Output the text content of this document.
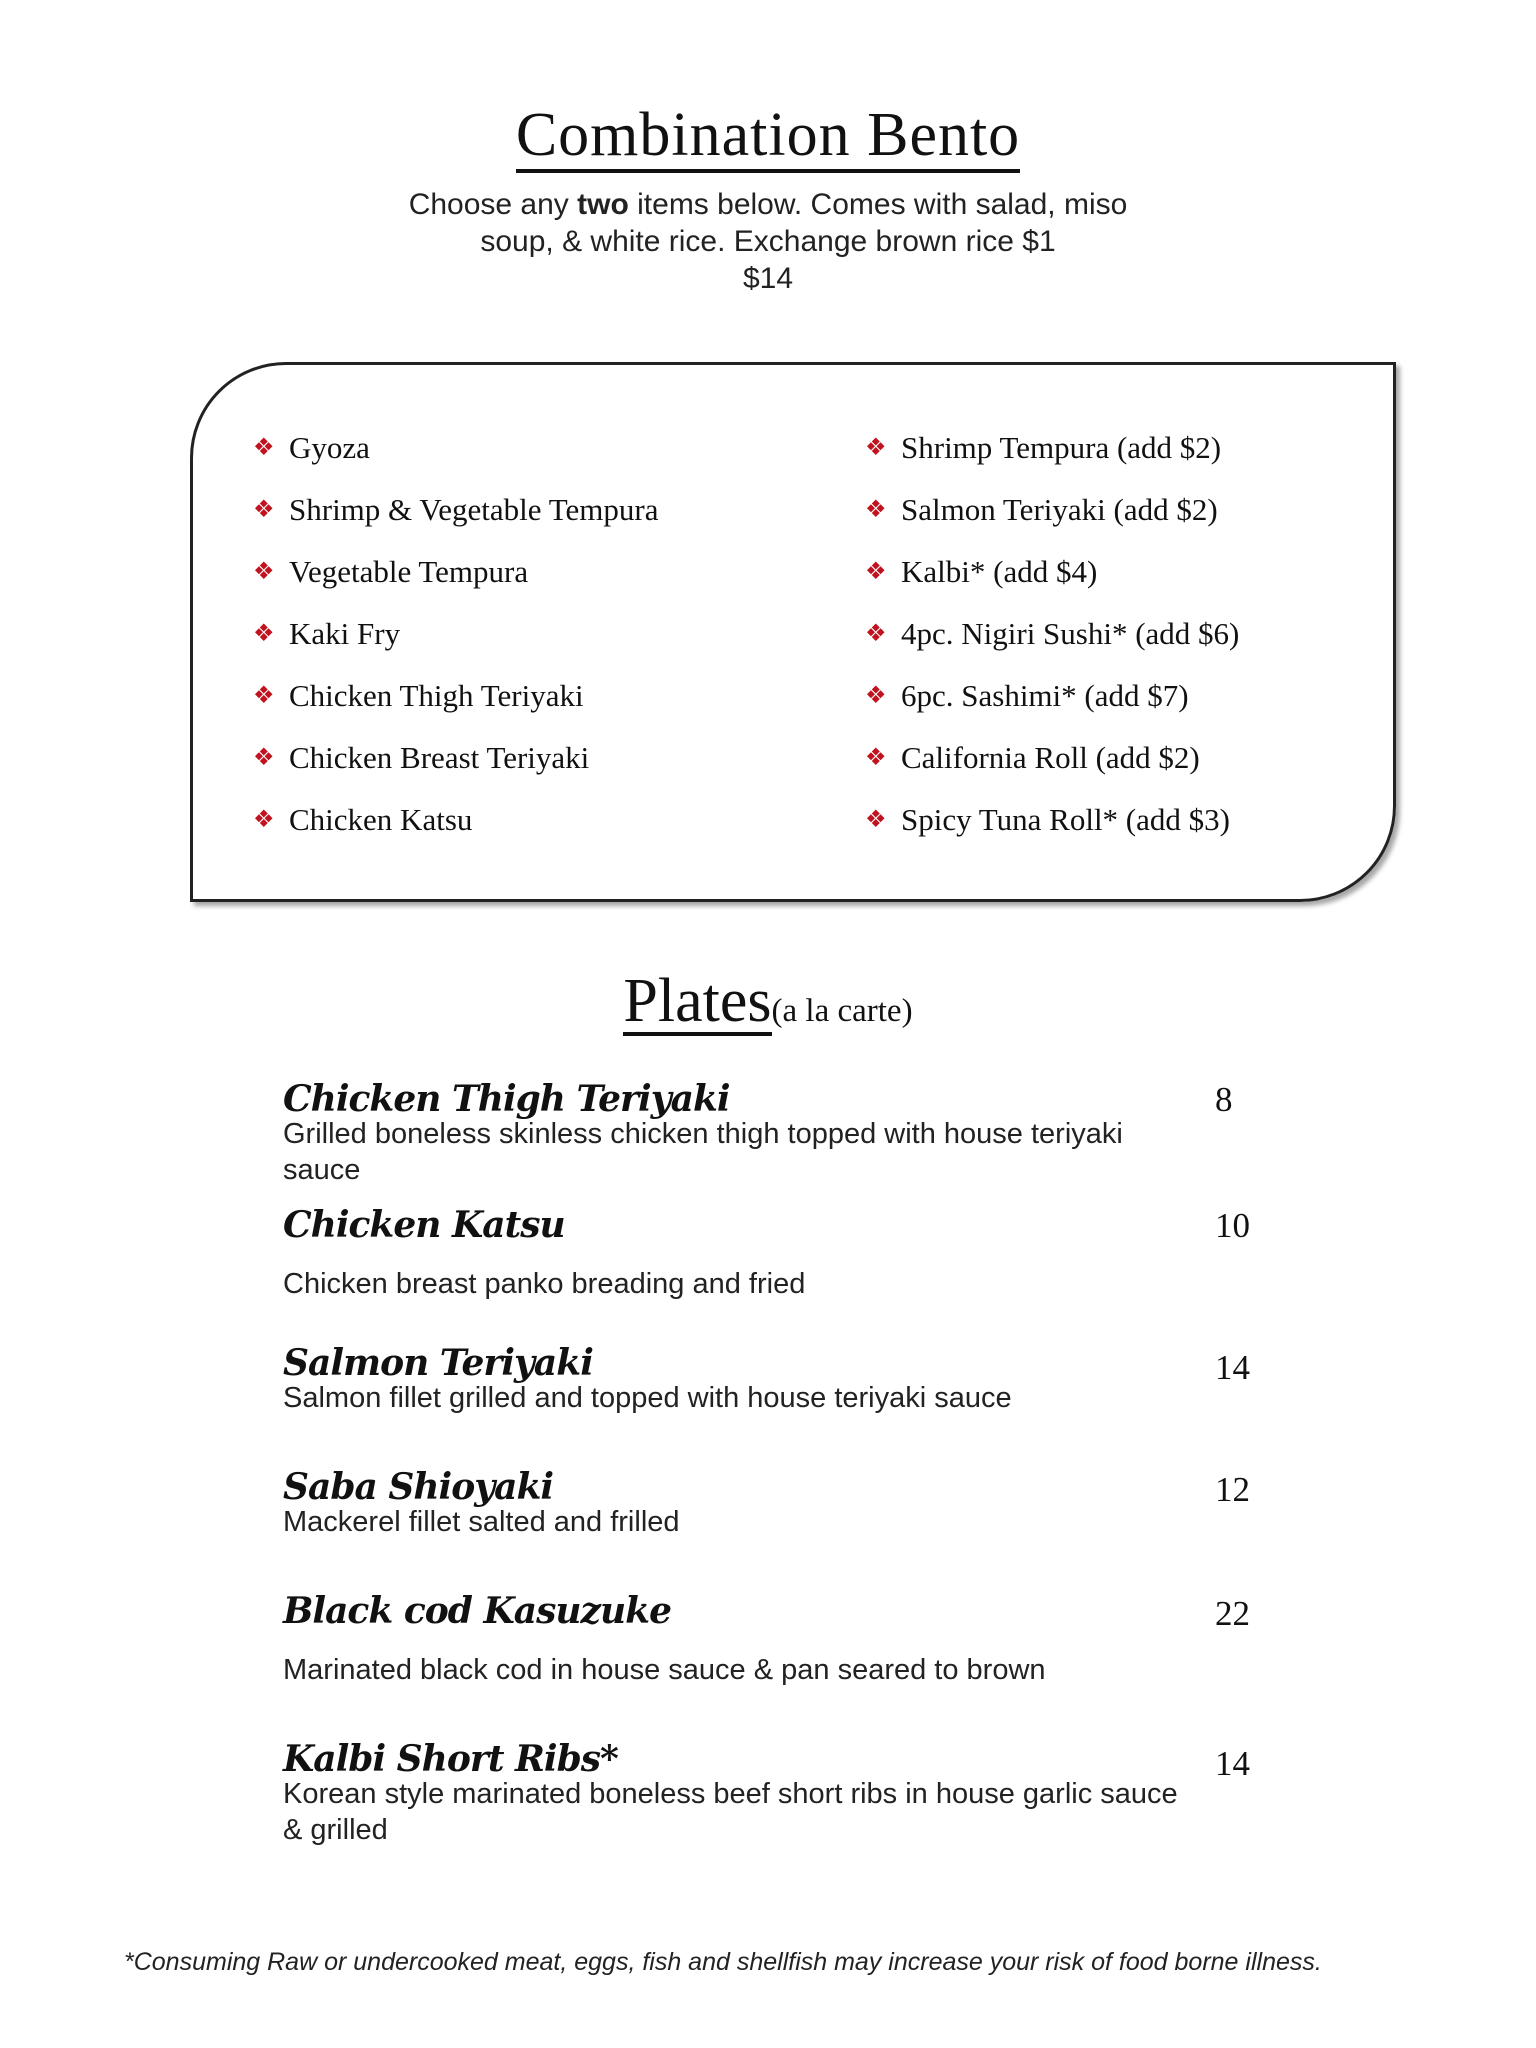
Combination Bento
Choose any two items below. Comes with salad, miso soup, & white rice. Exchange brown rice $1
$14
❖ Gyoza
❖ Shrimp & Vegetable Tempura
❖ Vegetable Tempura
❖ Kaki Fry
❖ Chicken Thigh Teriyaki
❖ Chicken Breast Teriyaki
❖ Chicken Katsu
❖ Shrimp Tempura (add $2)
❖ Salmon Teriyaki (add $2)
❖ Kalbi* (add $4)
❖ 4pc. Nigiri Sushi* (add $6)
❖ 6pc. Sashimi* (add $7)
❖ California Roll (add $2)
❖ Spicy Tuna Roll* (add $3)
Plates(a la carte)
Chicken Thigh Teriyaki	8
Grilled boneless skinless chicken thigh topped with house teriyaki sauce
Chicken Katsu	10
Chicken breast panko breading and fried
Salmon Teriyaki	14
Salmon fillet grilled and topped with house teriyaki sauce
Saba Shioyaki	12
Mackerel fillet salted and frilled
Black cod Kasuzuke	22
Marinated black cod in house sauce & pan seared to brown
Kalbi Short Ribs*	14
Korean style marinated boneless beef short ribs in house garlic sauce & grilled
*Consuming Raw or undercooked meat, eggs, fish and shellfish may increase your risk of food borne illness.
